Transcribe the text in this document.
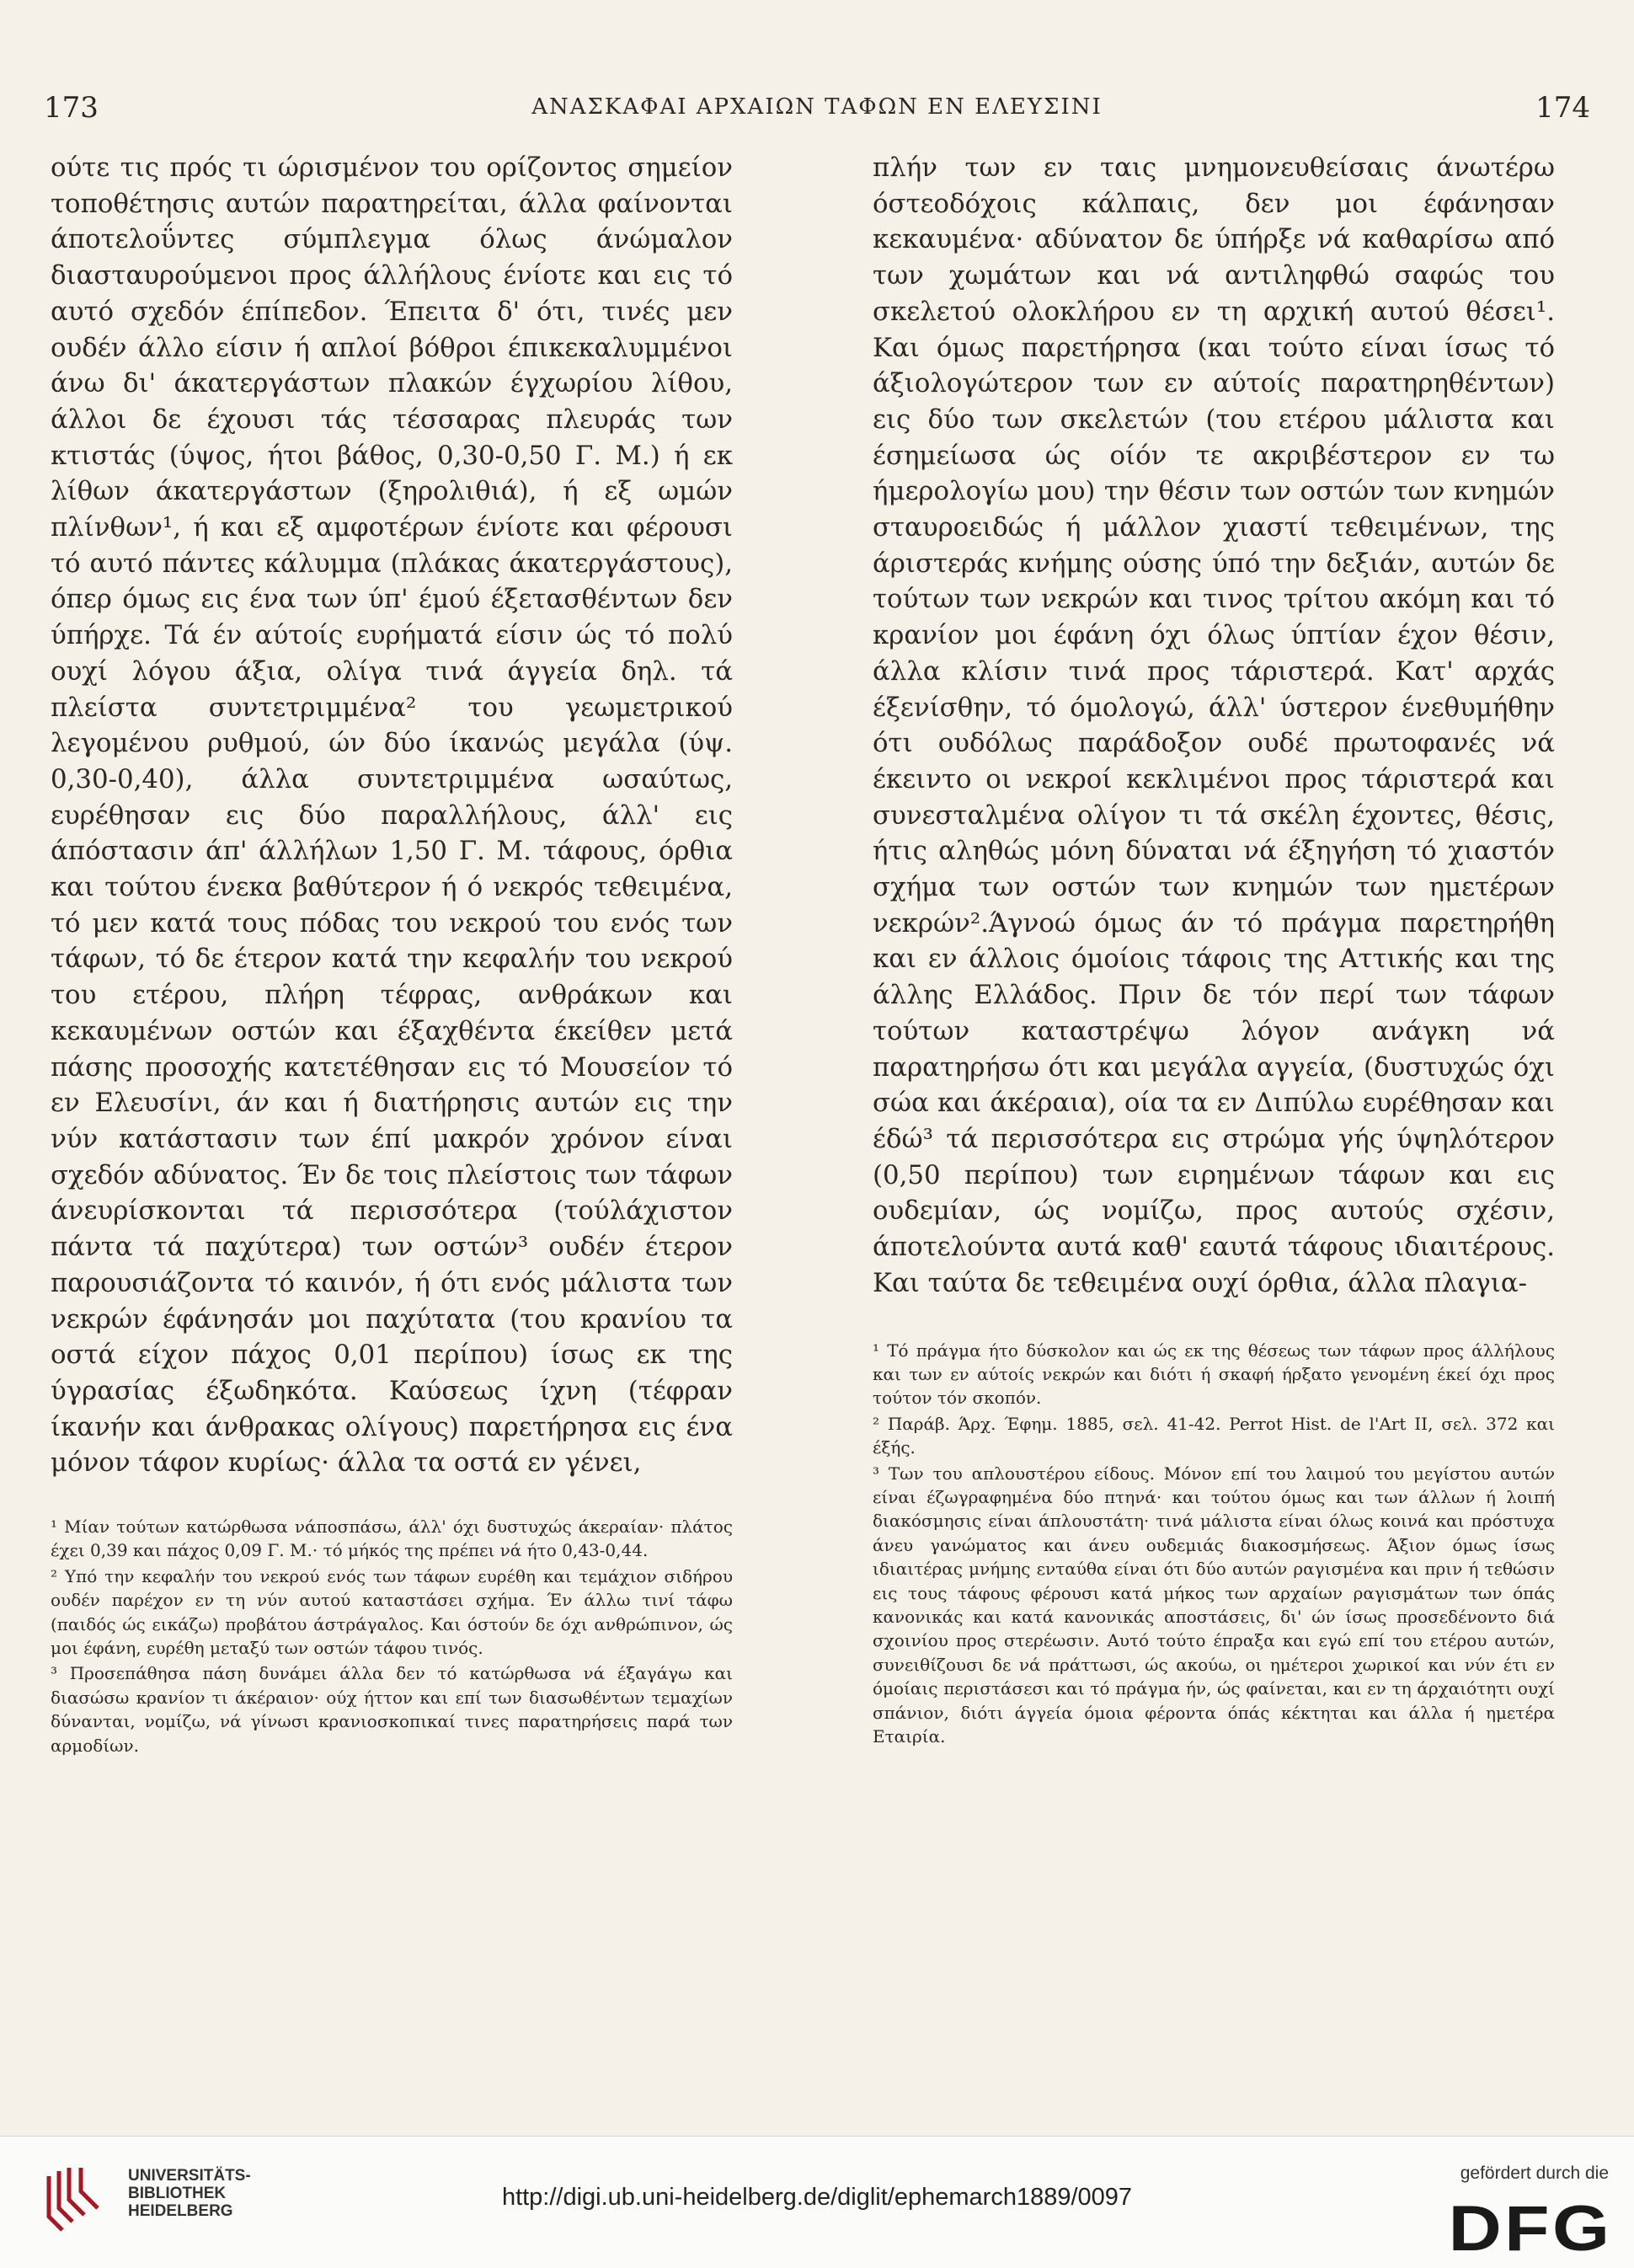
173	ΑΝΑΣΚΑΦΑΙ ΑΡΧΑΙΩΝ ΤΑΦΩΝ ΕΝ ΕΛΕΥΣΙΝΙ	174

ούτε τις πρός τι ώρισμένον του ορίζοντος σημείον τοποθέτησις αυτών παρατηρείται, άλλα φαίνονται άποτελοΰντες σύμπλεγμα όλως άνώμαλον διασταυρούμενοι προς άλλήλους ένίοτε και εις τό αυτό σχεδόν έπίπεδον. Έπειτα δ' ότι, τινές μεν ουδέν άλλο είσιν ή απλοί βόθροι έπικεκαλυμμένοι άνω δι' άκατεργάστων πλακών έγχωρίου λίθου, άλλοι δε έχουσι τάς τέσσαρας πλευράς των κτιστάς (ύψος, ήτοι βάθος, 0,30-0,50 Γ. Μ.) ή εκ λίθων άκατεργάστων (ξηρολιθιά), ή εξ ωμών πλίνθων¹, ή και εξ αμφοτέρων ένίοτε και φέρουσι τό αυτό πάντες κάλυμμα (πλάκας άκατεργάστους), όπερ όμως εις ένα των ύπ' έμού έξετασθέντων δεν ύπήρχε. Τά έν αύτοίς ευρήματά είσιν ώς τό πολύ ουχί λόγου άξια, ολίγα τινά άγγεία δηλ. τά πλείστα συντετριμμένα² του γεωμετρικού λεγομένου ρυθμού, ών δύο ίκανώς μεγάλα (ύψ. 0,30-0,40), άλλα συντετριμμένα ωσαύτως, ευρέθησαν εις δύο παραλλήλους, άλλ' εις άπόστασιν άπ' άλλήλων 1,50 Γ. Μ. τάφους, όρθια και τούτου ένεκα βαθύτερον ή ό νεκρός τεθειμένα, τό μεν κατά τους πόδας του νεκρού του ενός των τάφων, τό δε έτερον κατά την κεφαλήν του νεκρού του ετέρου, πλήρη τέφρας, ανθράκων και κεκαυμένων οστών και έξαχθέντα έκείθεν μετά πάσης προσοχής κατετέθησαν εις τό Μουσείον τό εν Ελευσίνι, άν και ή διατήρησις αυτών εις την νύν κατάστασιν των έπί μακρόν χρόνον είναι σχεδόν αδύνατος. Έν δε τοις πλείστοις των τάφων άνευρίσκονται τά περισσότερα (τούλάχιστον πάντα τά παχύτερα) των οστών³ ουδέν έτερον παρουσιάζοντα τό καινόν, ή ότι ενός μάλιστα των νεκρών έφάνησάν μοι παχύτατα (του κρανίου τα οστά είχον πάχος 0,01 περίπου) ίσως εκ της ύγρασίας έξωδηκότα. Καύσεως ίχνη (τέφραν ίκανήν και άνθρακας ολίγους) παρετήρησα εις ένα μόνον τάφον κυρίως· άλλα τα οστά εν γένει,

¹ Μίαν τούτων κατώρθωσα νάποσπάσω, άλλ' όχι δυστυχώς άκεραίαν· πλάτος έχει 0,39 και πάχος 0,09 Γ. Μ.· τό μήκός της πρέπει νά ήτο 0,43-0,44.

² Υπό την κεφαλήν του νεκρού ενός των τάφων ευρέθη και τεμάχιον σιδήρου ουδέν παρέχον εν τη νύν αυτού καταστάσει σχήμα. Έν άλλω τινί τάφω (παιδός ώς εικάζω) προβάτου άστράγαλος. Και όστούν δε όχι ανθρώπινον, ώς μοι έφάνη, ευρέθη μεταξύ των οστών τάφου τινός.

³ Προσεπάθησα πάση δυνάμει άλλα δεν τό κατώρθωσα νά έξαγάγω και διασώσω κρανίον τι άκέραιον· ούχ ήττον και επί των διασωθέντων τεμαχίων δύνανται, νομίζω, νά γίνωσι κρανιοσκοπικαί τινες παρατηρήσεις παρά των αρμοδίων.

πλήν των εν ταις μνημονευθείσαις άνωτέρω όστεοδόχοις κάλπαις, δεν μοι έφάνησαν κεκαυμένα· αδύνατον δε ύπήρξε νά καθαρίσω από των χωμάτων και νά αντιληφθώ σαφώς του σκελετού ολοκλήρου εν τη αρχική αυτού θέσει¹. Και όμως παρετήρησα (και τούτο είναι ίσως τό άξιολογώτερον των εν αύτοίς παρατηρηθέντων) εις δύο των σκελετών (του ετέρου μάλιστα και έσημείωσα ώς οίόν τε ακριβέστερον εν τω ήμερολογίω μου) την θέσιν των οστών των κνημών σταυροειδώς ή μάλλον χιαστί τεθειμένων, της άριστεράς κνήμης ούσης ύπό την δεξιάν, αυτών δε τούτων των νεκρών και τινος τρίτου ακόμη και τό κρανίον μοι έφάνη όχι όλως ύπτίαν έχον θέσιν, άλλα κλίσιν τινά προς τάριστερά. Κατ' αρχάς έξενίσθην, τό όμολογώ, άλλ' ύστερον ένεθυμήθην ότι ουδόλως παράδοξον ουδέ πρωτοφανές νά έκειντο οι νεκροί κεκλιμένοι προς τάριστερά και συνεσταλμένα ολίγον τι τά σκέλη έχοντες, θέσις, ήτις αληθώς μόνη δύναται νά έξηγήση τό χιαστόν σχήμα των οστών των κνημών των ημετέρων νεκρών².Άγνοώ όμως άν τό πράγμα παρετηρήθη και εν άλλοις όμοίοις τάφοις της Αττικής και της άλλης Ελλάδος. Πριν δε τόν περί των τάφων τούτων καταστρέψω λόγον ανάγκη νά παρατηρήσω ότι και μεγάλα αγγεία, (δυστυχώς όχι σώα και άκέραια), οία τα εν Διπύλω ευρέθησαν και έδώ³ τά περισσότερα εις στρώμα γής ύψηλότερον (0,50 περίπου) των ειρημένων τάφων και εις ουδεμίαν, ώς νομίζω, προς αυτούς σχέσιν, άποτελούντα αυτά καθ' εαυτά τάφους ιδιαιτέρους. Και ταύτα δε τεθειμένα ουχί όρθια, άλλα πλαγια-

¹ Τό πράγμα ήτο δύσκολον και ώς εκ της θέσεως των τάφων προς άλλήλους και των εν αύτοίς νεκρών και διότι ή σκαφή ήρξατο γενομένη έκεί όχι προς τούτον τόν σκοπόν.

² Παράβ. Άρχ. Έφημ. 1885, σελ. 41-42. Perrot Hist. de l'Art II, σελ. 372 και έξής.

³ Των του απλουστέρου είδους. Μόνον επί του λαιμού του μεγίστου αυτών είναι έζωγραφημένα δύο πτηνά· και τούτου όμως και των άλλων ή λοιπή διακόσμησις είναι άπλουστάτη· τινά μάλιστα είναι όλως κοινά και πρόστυχα άνευ γανώματος και άνευ ουδεμιάς διακοσμήσεως. Άξιον όμως ίσως ιδιαιτέρας μνήμης ενταύθα είναι ότι δύο αυτών ραγισμένα και πριν ή τεθώσιν εις τους τάφους φέρουσι κατά μήκος των αρχαίων ραγισμάτων των όπάς κανονικάς και κατά κανονικάς αποστάσεις, δι' ών ίσως προσεδένοντο διά σχοινίου προς στερέωσιν. Αυτό τούτο έπραξα και εγώ επί του ετέρου αυτών, συνειθίζουσι δε νά πράττωσι, ώς ακούω, οι ημέτεροι χωρικοί και νύν έτι εν όμοίαις περιστάσεσι και τό πράγμα ήν, ώς φαίνεται, και εν τη άρχαιότητι ουχί σπάνιον, διότι άγγεία όμοια φέροντα όπάς κέκτηται και άλλα ή ημετέρα Εταιρία.

UNIVERSITÄTS-
BIBLIOTHEK
HEIDELBERG
http://digi.ub.uni-heidelberg.de/diglit/ephemarch1889/0097
gefördert durch die
DFG
